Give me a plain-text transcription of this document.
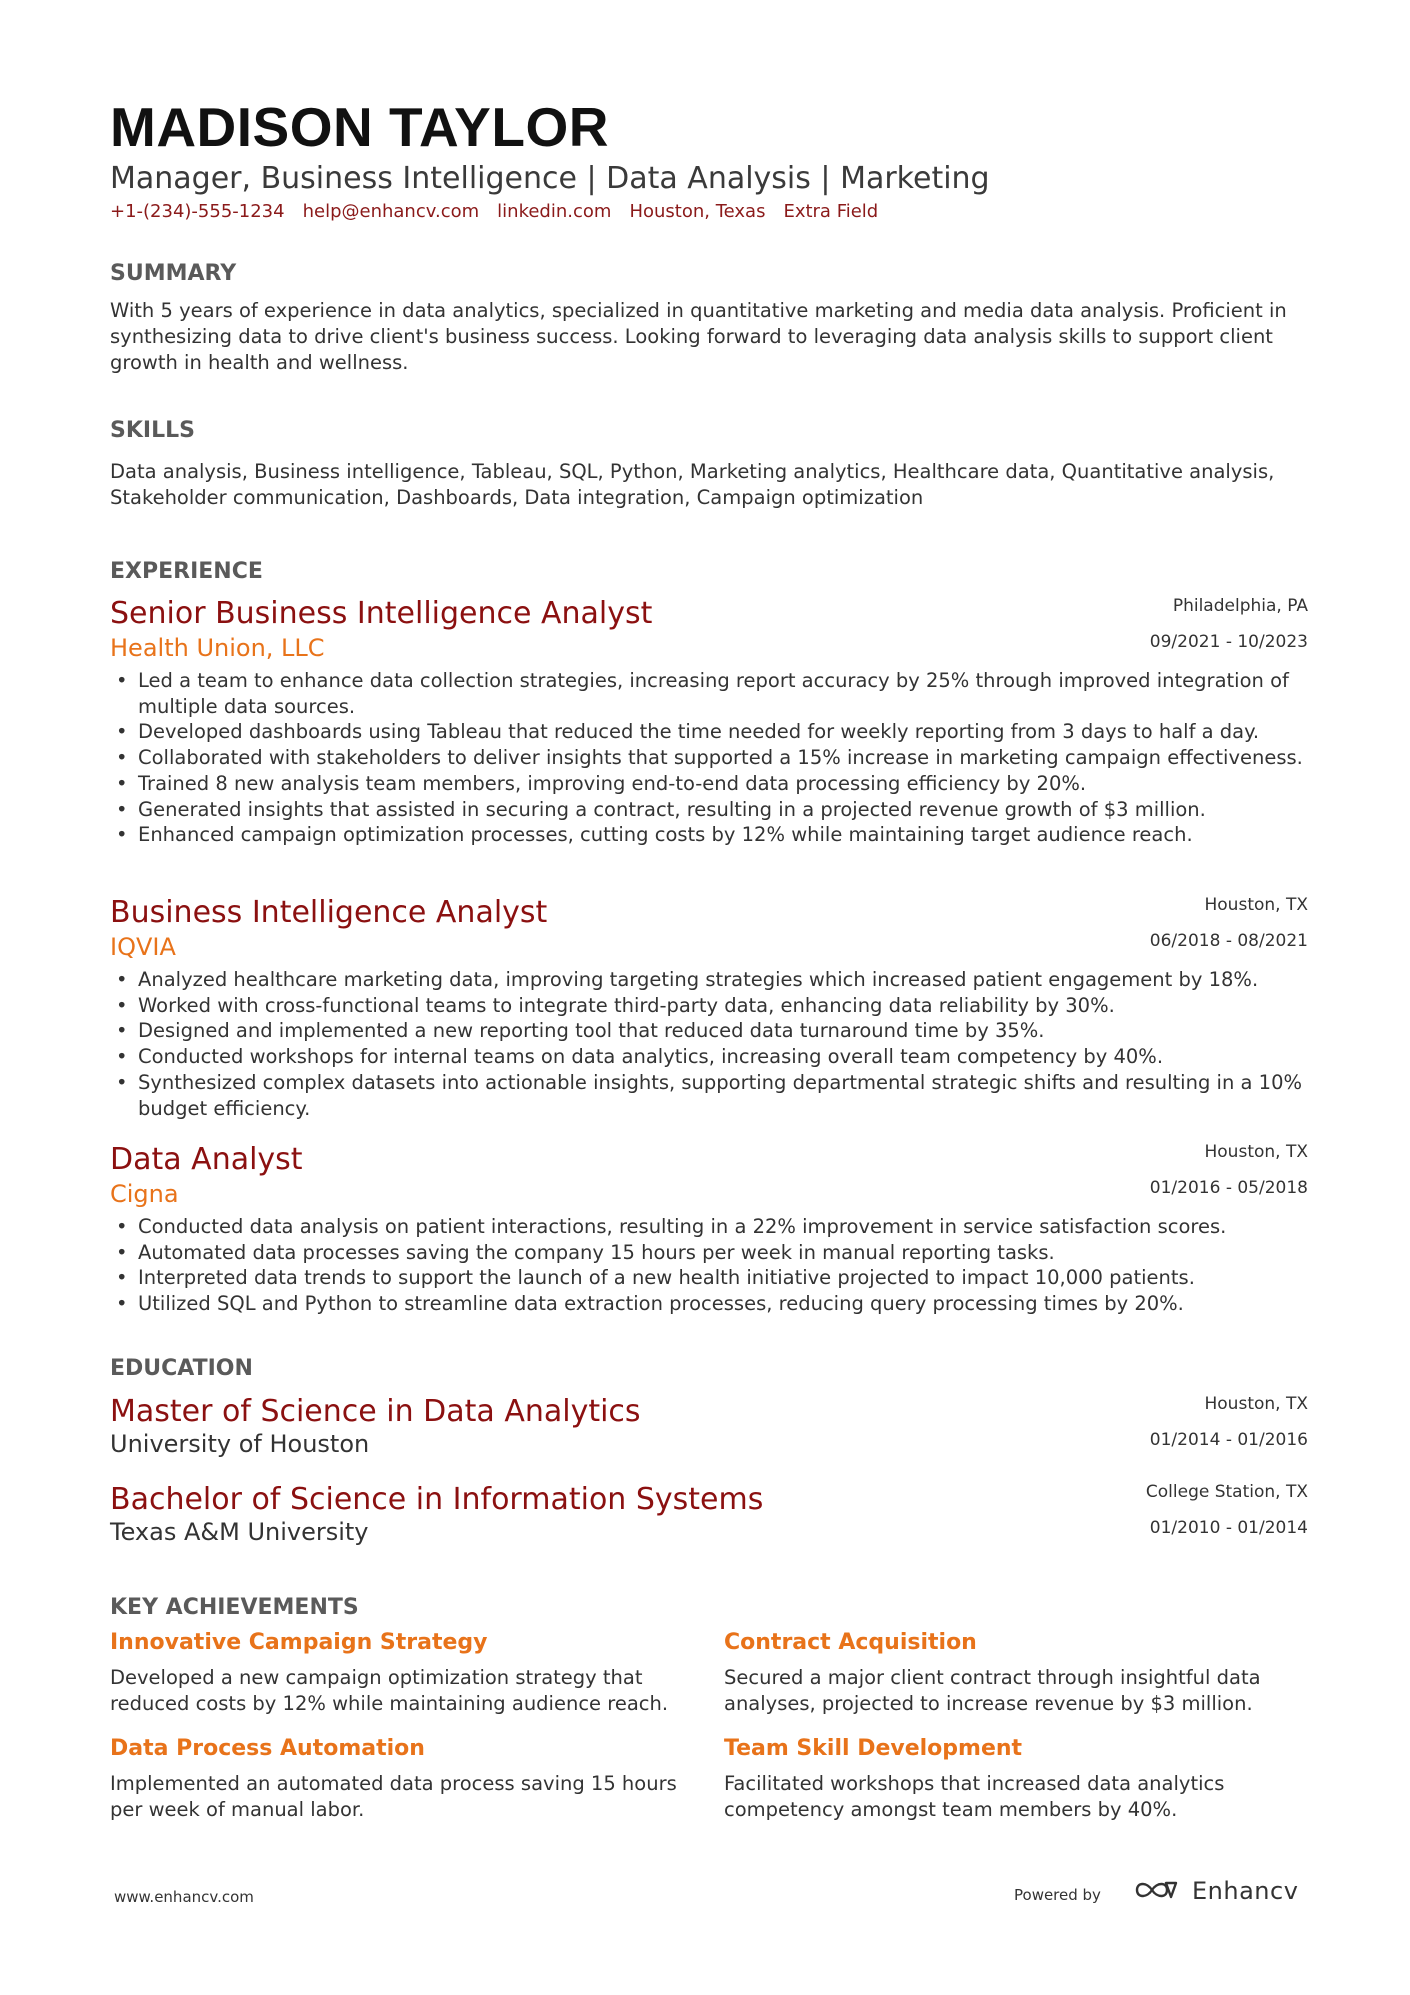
MADISON TAYLOR
Manager, Business Intelligence | Data Analysis | Marketing
+1-(234)-555-1234 help@enhancv.com linkedin.com Houston, Texas Extra Field
SUMMARY
With 5 years of experience in data analytics, specialized in quantitative marketing and media data analysis. Proficient in synthesizing data to drive client's business success. Looking forward to leveraging data analysis skills to support client growth in health and wellness.
SKILLS
Data analysis, Business intelligence, Tableau, SQL, Python, Marketing analytics, Healthcare data, Quantitative analysis, Stakeholder communication, Dashboards, Data integration, Campaign optimization
EXPERIENCE
Senior Business Intelligence Analyst	Philadelphia, PA
Health Union, LLC	09/2021 - 10/2023
• Led a team to enhance data collection strategies, increasing report accuracy by 25% through improved integration of multiple data sources.
• Developed dashboards using Tableau that reduced the time needed for weekly reporting from 3 days to half a day.
• Collaborated with stakeholders to deliver insights that supported a 15% increase in marketing campaign effectiveness.
• Trained 8 new analysis team members, improving end-to-end data processing efficiency by 20%.
• Generated insights that assisted in securing a contract, resulting in a projected revenue growth of $3 million.
• Enhanced campaign optimization processes, cutting costs by 12% while maintaining target audience reach.
Business Intelligence Analyst	Houston, TX
IQVIA	06/2018 - 08/2021
• Analyzed healthcare marketing data, improving targeting strategies which increased patient engagement by 18%.
• Worked with cross-functional teams to integrate third-party data, enhancing data reliability by 30%.
• Designed and implemented a new reporting tool that reduced data turnaround time by 35%.
• Conducted workshops for internal teams on data analytics, increasing overall team competency by 40%.
• Synthesized complex datasets into actionable insights, supporting departmental strategic shifts and resulting in a 10% budget efficiency.
Data Analyst	Houston, TX
Cigna	01/2016 - 05/2018
• Conducted data analysis on patient interactions, resulting in a 22% improvement in service satisfaction scores.
• Automated data processes saving the company 15 hours per week in manual reporting tasks.
• Interpreted data trends to support the launch of a new health initiative projected to impact 10,000 patients.
• Utilized SQL and Python to streamline data extraction processes, reducing query processing times by 20%.
EDUCATION
Master of Science in Data Analytics	Houston, TX
University of Houston	01/2014 - 01/2016
Bachelor of Science in Information Systems	College Station, TX
Texas A&M University	01/2010 - 01/2014
KEY ACHIEVEMENTS
Innovative Campaign Strategy
Developed a new campaign optimization strategy that reduced costs by 12% while maintaining audience reach.
Contract Acquisition
Secured a major client contract through insightful data analyses, projected to increase revenue by $3 million.
Data Process Automation
Implemented an automated data process saving 15 hours per week of manual labor.
Team Skill Development
Facilitated workshops that increased data analytics competency amongst team members by 40%.
www.enhancv.com	Powered by	Enhancv
